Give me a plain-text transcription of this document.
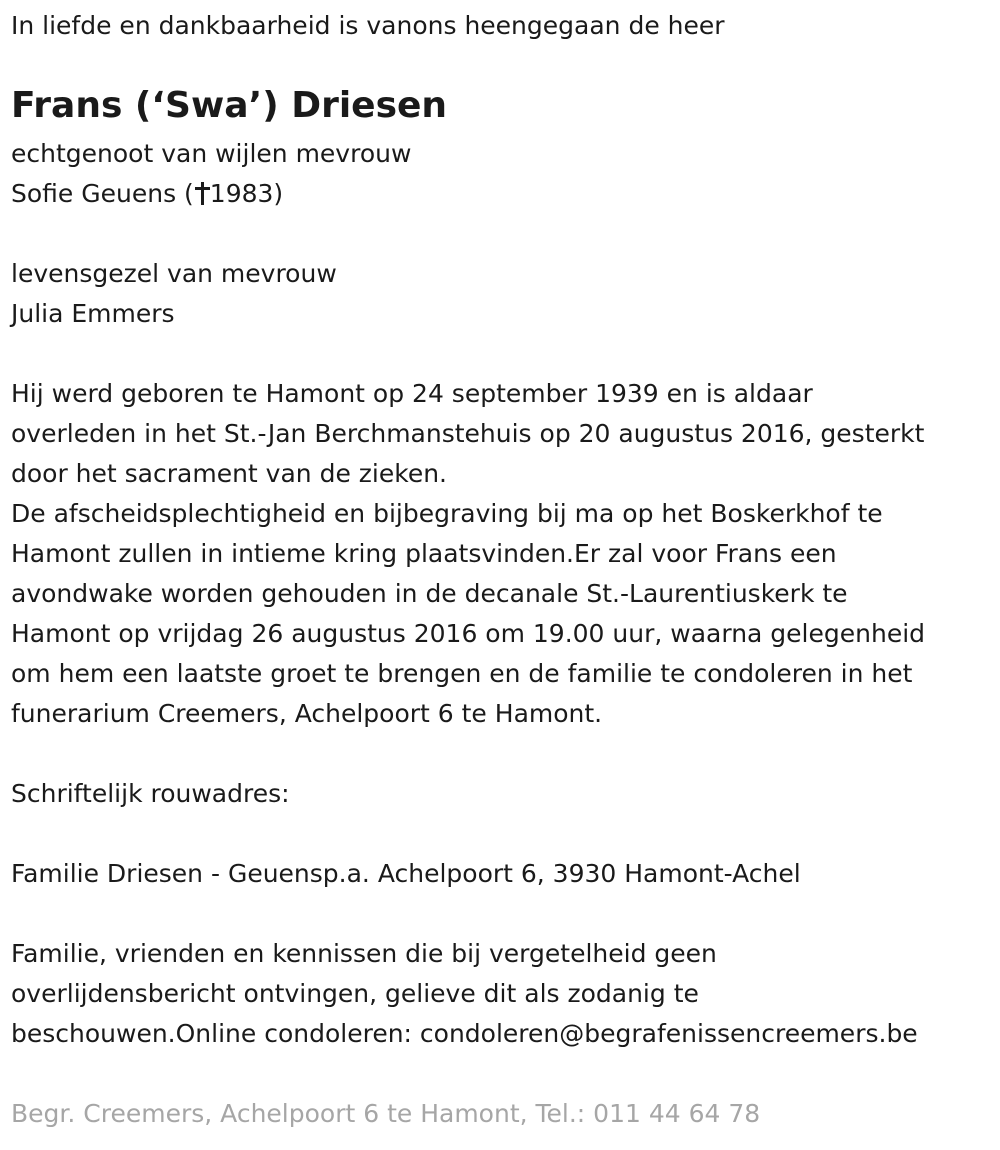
In liefde en dankbaarheid is vanons heengegaan de heer
Frans (‘Swa’) Driesen
echtgenoot van wijlen mevrouw
Sofie Geuens ( 1983)
levensgezel van mevrouw
Julia Emmers
Hij werd geboren te Hamont op 24 september 1939 en is aldaar
overleden in het St.-Jan Berchmanstehuis op 20 augustus 2016, gesterkt
door het sacrament van de zieken.
De afscheidsplechtigheid en bijbegraving bij ma op het Boskerkhof te
Hamont zullen in intieme kring plaatsvinden.Er zal voor Frans een
avondwake worden gehouden in de decanale St.-Laurentiuskerk te
Hamont op vrijdag 26 augustus 2016 om 19.00 uur, waarna gelegenheid
om hem een laatste groet te brengen en de familie te condoleren in het
funerarium Creemers, Achelpoort 6 te Hamont.
Schriftelijk rouwadres:
Familie Driesen - Geuensp.a. Achelpoort 6, 3930 Hamont-Achel
Familie, vrienden en kennissen die bij vergetelheid geen
overlijdensbericht ontvingen, gelieve dit als zodanig te
beschouwen.Online condoleren: condoleren@begrafenissencreemers.be
Begr. Creemers, Achelpoort 6 te Hamont, Tel.: 011 44 64 78
